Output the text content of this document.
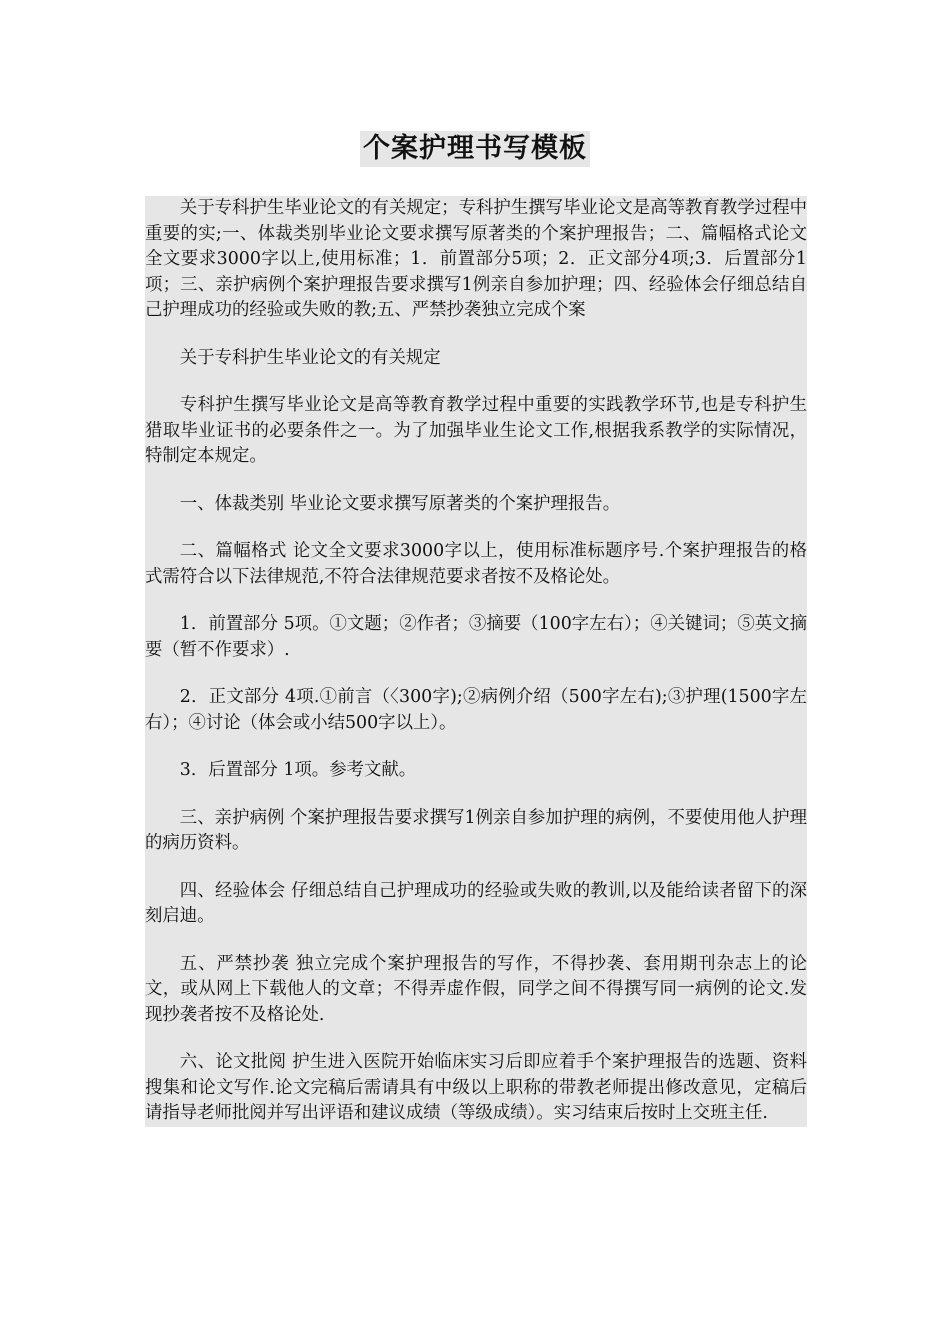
个案护理书写模板

关于专科护生毕业论文的有关规定；专科护生撰写毕业论文是高等教育教学过程中重要的实;一、体裁类别毕业论文要求撰写原著类的个案护理报告；二、篇幅格式论文全文要求3000字以上,使用标准；1．前置部分5项；2．正文部分4项;3．后置部分1项；三、亲护病例个案护理报告要求撰写1例亲自参加护理；四、经验体会仔细总结自己护理成功的经验或失败的教;五、严禁抄袭独立完成个案

关于专科护生毕业论文的有关规定

专科护生撰写毕业论文是高等教育教学过程中重要的实践教学环节,也是专科护生猎取毕业证书的必要条件之一。为了加强毕业生论文工作,根据我系教学的实际情况，特制定本规定。

一、体裁类别 毕业论文要求撰写原著类的个案护理报告。

二、篇幅格式 论文全文要求3000字以上，使用标准标题序号.个案护理报告的格式需符合以下法律规范,不符合法律规范要求者按不及格论处。

1．前置部分 5项。①文题；②作者；③摘要（100字左右）；④关键词；⑤英文摘要（暂不作要求）.

2．正文部分 4项.①前言（〈300字);②病例介绍（500字左右);③护理(1500字左右）；④讨论（体会或小结500字以上）。

3．后置部分 1项。参考文献。

三、亲护病例 个案护理报告要求撰写1例亲自参加护理的病例，不要使用他人护理的病历资料。

四、经验体会 仔细总结自己护理成功的经验或失败的教训,以及能给读者留下的深刻启迪。

五、严禁抄袭 独立完成个案护理报告的写作，不得抄袭、套用期刊杂志上的论文，或从网上下载他人的文章；不得弄虚作假，同学之间不得撰写同一病例的论文.发现抄袭者按不及格论处.

六、论文批阅 护生进入医院开始临床实习后即应着手个案护理报告的选题、资料搜集和论文写作.论文完稿后需请具有中级以上职称的带教老师提出修改意见，定稿后请指导老师批阅并写出评语和建议成绩（等级成绩）。实习结束后按时上交班主任.
